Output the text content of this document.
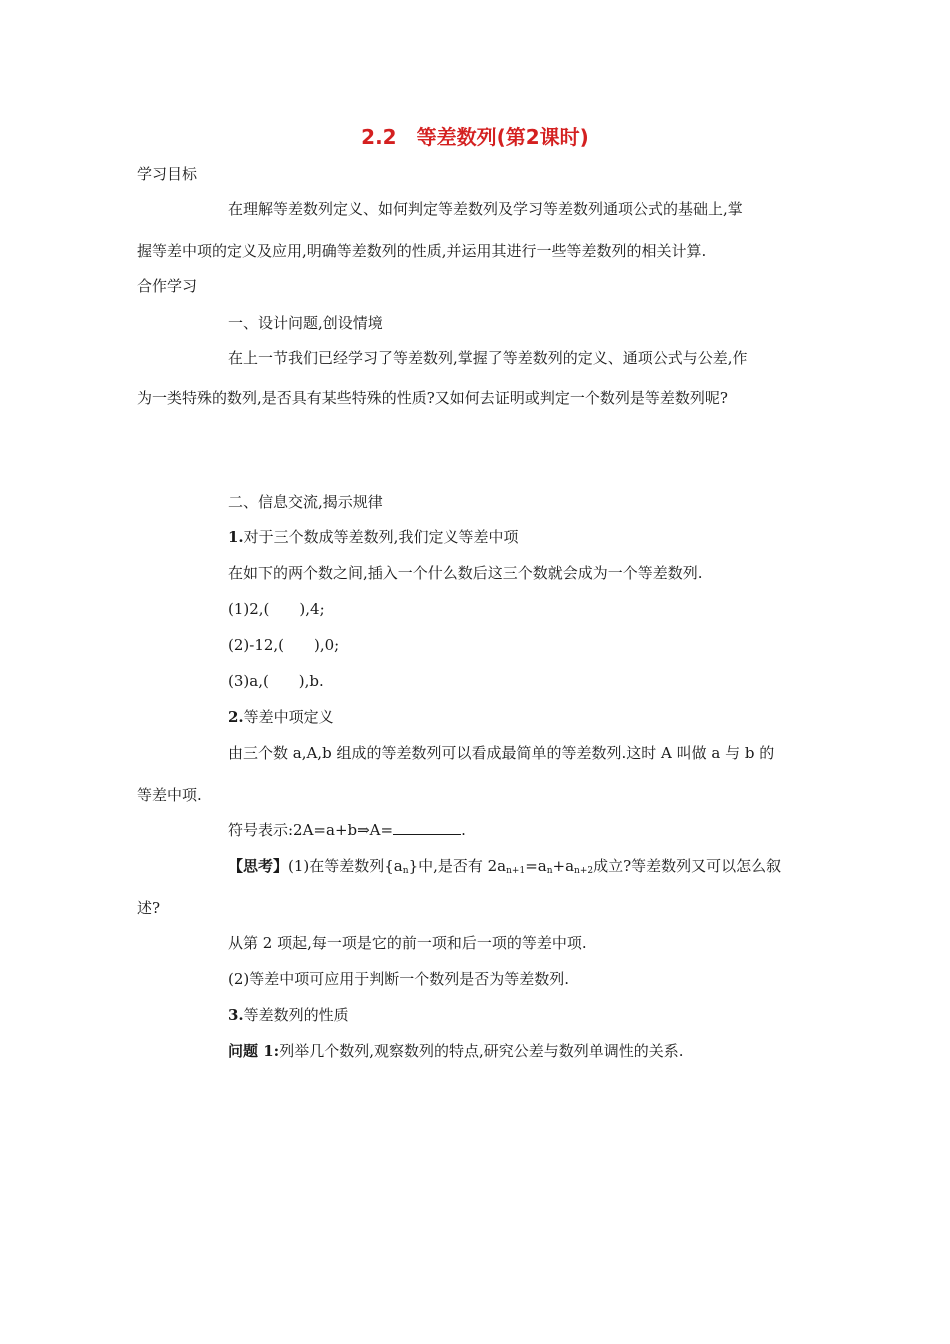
2.2　等差数列(第2课时)
学习目标
在理解等差数列定义、如何判定等差数列及学习等差数列通项公式的基础上,掌
握等差中项的定义及应用,明确等差数列的性质,并运用其进行一些等差数列的相关计算.
合作学习
一、设计问题,创设情境
在上一节我们已经学习了等差数列,掌握了等差数列的定义、通项公式与公差,作
为一类特殊的数列,是否具有某些特殊的性质?又如何去证明或判定一个数列是等差数列呢?
二、信息交流,揭示规律
1.对于三个数成等差数列,我们定义等差中项
在如下的两个数之间,插入一个什么数后这三个数就会成为一个等差数列.
(1)2,(　　),4;
(2)-12,(　　),0;
(3)a,(　　),b.
2.等差中项定义
由三个数 a,A,b 组成的等差数列可以看成最简单的等差数列.这时 A 叫做 a 与 b 的
等差中项.
符号表示:2A=a+b⇒A=	.
【思考】(1)在等差数列$\{a_n\}$中,是否有 $2a_{n+1}=a_n+a_{n+2}$成立?等差数列又可以怎么叙
述?
从第 2 项起,每一项是它的前一项和后一项的等差中项.
(2)等差中项可应用于判断一个数列是否为等差数列.
3.等差数列的性质
问题 1:列举几个数列,观察数列的特点,研究公差与数列单调性的关系.
